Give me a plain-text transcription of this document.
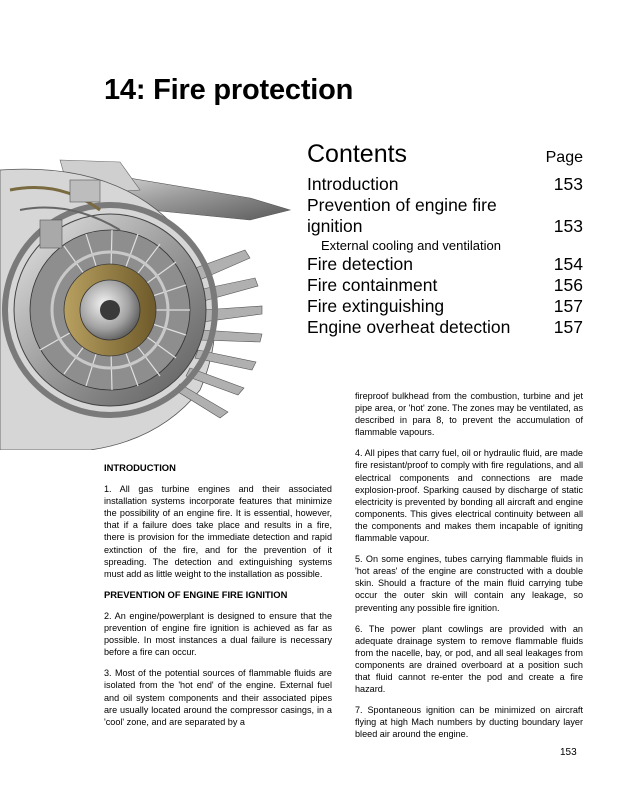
14: Fire protection
Contents	Page
Introduction	153
Prevention of engine fire
ignition	153
External cooling and ventilation
Fire detection	154
Fire containment	156
Fire extinguishing	157
Engine overheat detection 157
INTRODUCTION

1. All gas turbine engines and their associated installation systems incorporate features that minimize the possibility of an engine fire. It is essential, however, that if a failure does take place and results in a fire, there is provision for the immediate detection and rapid extinction of the fire, and for the prevention of it spreading. The detection and extinguishing systems must add as little weight to the installation as possible.

PREVENTION OF ENGINE FIRE IGNITION

2. An engine/powerplant is designed to ensure that the prevention of engine fire ignition is achieved as far as possible. In most instances a dual failure is necessary before a fire can occur.

3. Most of the potential sources of flammable fluids are isolated from the 'hot end' of the engine. External fuel and oil system components and their associated pipes are usually located around the compressor casings, in a 'cool' zone, and are separated by a

fireproof bulkhead from the combustion, turbine and jet pipe area, or 'hot' zone. The zones may be ventilated, as described in para 8, to prevent the accumulation of flammable vapours.

4. All pipes that carry fuel, oil or hydraulic fluid, are made fire resistant/proof to comply with fire regulations, and all electrical components and connections are made explosion-proof. Sparking caused by discharge of static electricity is prevented by bonding all aircraft and engine components. This gives electrical continuity between all the components and makes them incapable of igniting flammable vapour.

5. On some engines, tubes carrying flammable fluids in 'hot areas' of the engine are constructed with a double skin. Should a fracture of the main fluid carrying tube occur the outer skin will contain any leakage, so preventing any possible fire ignition.

6. The power plant cowlings are provided with an adequate drainage system to remove flammable fluids from the nacelle, bay, or pod, and all seal leakages from components are drained overboard at a position such that fluid cannot re-enter the pod and create a fire hazard.

7. Spontaneous ignition can be minimized on aircraft flying at high Mach numbers by ducting boundary layer bleed air around the engine.

153
